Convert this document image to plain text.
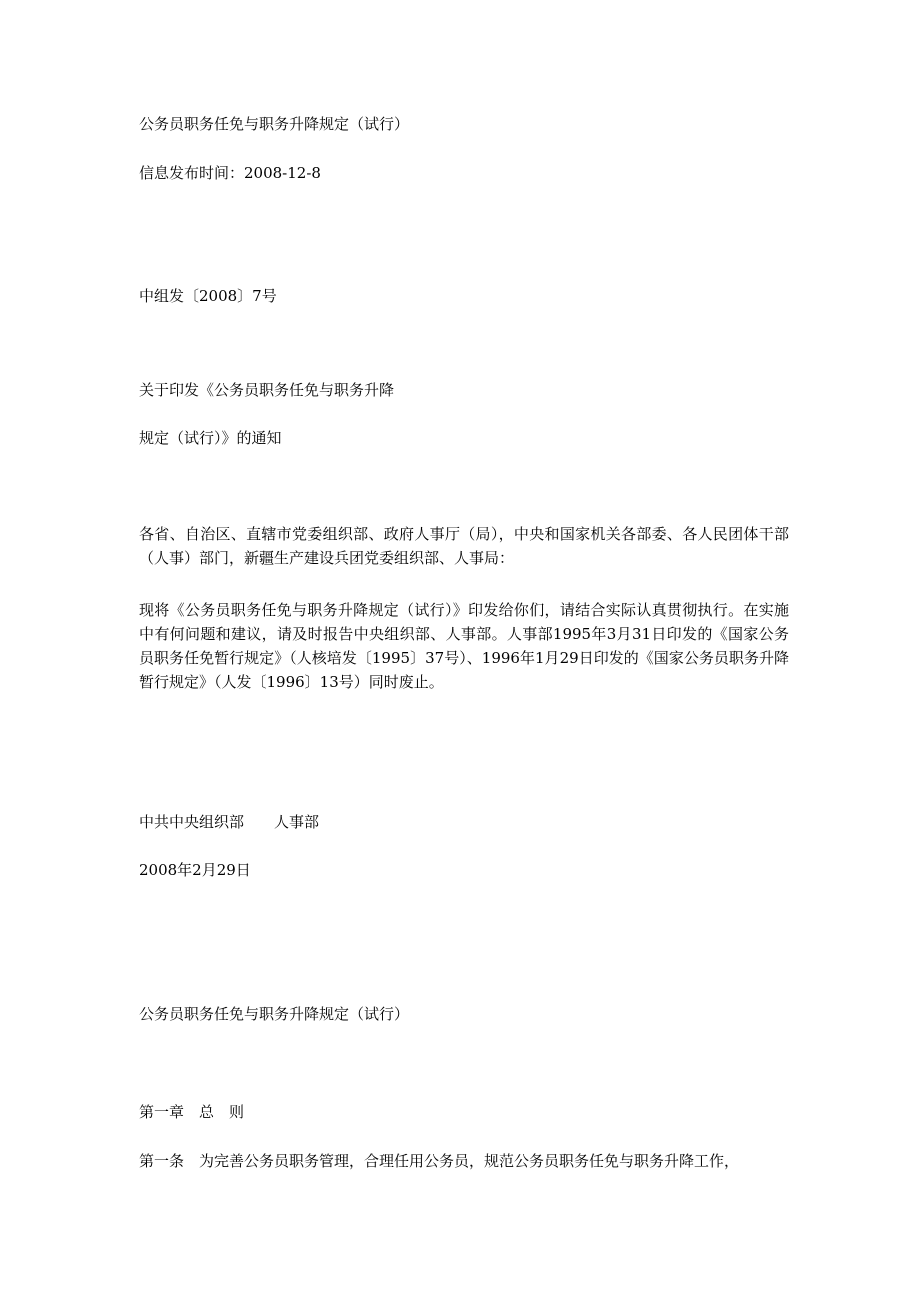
公务员职务任免与职务升降规定（试行）
信息发布时间：2008-12-8
中组发〔2008〕7号
关于印发《公务员职务任免与职务升降
规定（试行）》的通知
各省、自治区、直辖市党委组织部、政府人事厅（局），中央和国家机关各部委、各人民团体干部（人事）部门，新疆生产建设兵团党委组织部、人事局：
现将《公务员职务任免与职务升降规定（试行）》印发给你们，请结合实际认真贯彻执行。在实施中有何问题和建议，请及时报告中央组织部、人事部。人事部1995年3月31日印发的《国家公务员职务任免暂行规定》（人核培发〔1995〕37号）、1996年1月29日印发的《国家公务员职务升降暂行规定》（人发〔1996〕13号）同时废止。
中共中央组织部 人事部
2008年2月29日
公务员职务任免与职务升降规定（试行）
第一章　总　则
第一条　为完善公务员职务管理，合理任用公务员，规范公务员职务任免与职务升降工作，
